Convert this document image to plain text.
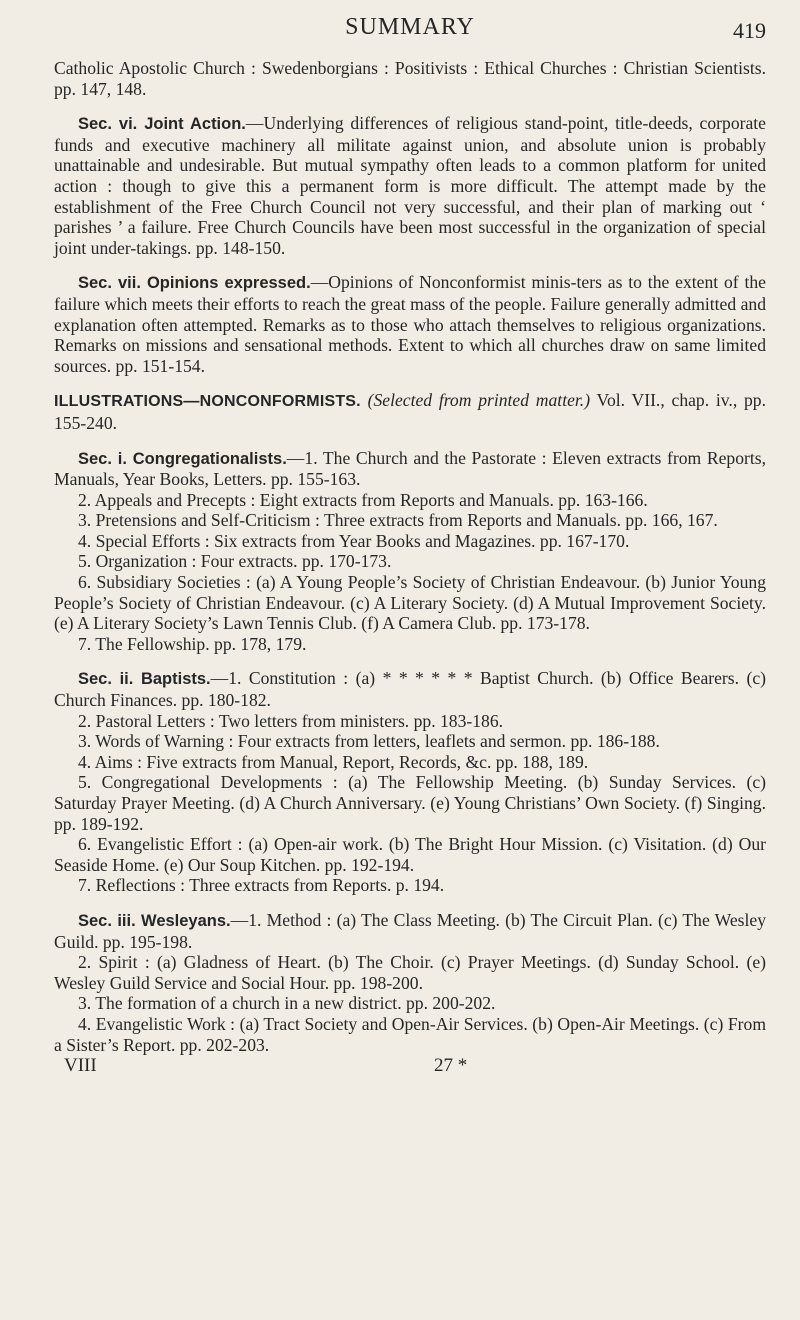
SUMMARY	419

Catholic Apostolic Church : Swedenborgians : Positivists : Ethical Churches : Christian Scientists. pp. 147, 148.

Sec. vi. Joint Action.—Underlying differences of religious stand-point, title-deeds, corporate funds and executive machinery all militate against union, and absolute union is probably unattainable and undesirable. But mutual sympathy often leads to a common platform for united action : though to give this a permanent form is more difficult. The attempt made by the establishment of the Free Church Council not very successful, and their plan of marking out ‘ parishes ’ a failure. Free Church Councils have been most successful in the organization of special joint under-takings. pp. 148-150.

Sec. vii. Opinions expressed.—Opinions of Nonconformist minis-ters as to the extent of the failure which meets their efforts to reach the great mass of the people. Failure generally admitted and explanation often attempted. Remarks as to those who attach themselves to religious organizations. Remarks on missions and sensational methods. Extent to which all churches draw on same limited sources. pp. 151-154.

ILLUSTRATIONS—NONCONFORMISTS. (Selected from printed matter.) Vol. VII., chap. iv., pp. 155-240.

Sec. i. Congregationalists.—1. The Church and the Pastorate : Eleven extracts from Reports, Manuals, Year Books, Letters. pp. 155-163.

2. Appeals and Precepts : Eight extracts from Reports and Manuals. pp. 163-166.

3. Pretensions and Self-Criticism : Three extracts from Reports and Manuals. pp. 166, 167.

4. Special Efforts : Six extracts from Year Books and Magazines. pp. 167-170.

5. Organization : Four extracts. pp. 170-173.

6. Subsidiary Societies : (a) A Young People’s Society of Christian Endeavour. (b) Junior Young People’s Society of Christian Endeavour. (c) A Literary Society. (d) A Mutual Improvement Society. (e) A Literary Society’s Lawn Tennis Club. (f) A Camera Club. pp. 173-178.

7. The Fellowship. pp. 178, 179.

Sec. ii. Baptists.—1. Constitution : (a) * * * * * * Baptist Church. (b) Office Bearers. (c) Church Finances. pp. 180-182.

2. Pastoral Letters : Two letters from ministers. pp. 183-186.

3. Words of Warning : Four extracts from letters, leaflets and sermon. pp. 186-188.

4. Aims : Five extracts from Manual, Report, Records, &c. pp. 188, 189.

5. Congregational Developments : (a) The Fellowship Meeting. (b) Sunday Services. (c) Saturday Prayer Meeting. (d) A Church Anniversary. (e) Young Christians’ Own Society. (f) Singing. pp. 189-192.

6. Evangelistic Effort : (a) Open-air work. (b) The Bright Hour Mission. (c) Visitation. (d) Our Seaside Home. (e) Our Soup Kitchen. pp. 192-194.

7. Reflections : Three extracts from Reports. p. 194.

Sec. iii. Wesleyans.—1. Method : (a) The Class Meeting. (b) The Circuit Plan. (c) The Wesley Guild. pp. 195-198.

2. Spirit : (a) Gladness of Heart. (b) The Choir. (c) Prayer Meetings. (d) Sunday School. (e) Wesley Guild Service and Social Hour. pp. 198-200.

3. The formation of a church in a new district. pp. 200-202.

4. Evangelistic Work : (a) Tract Society and Open-Air Services. (b) Open-Air Meetings. (c) From a Sister’s Report. pp. 202-203.

VIII	27 *
